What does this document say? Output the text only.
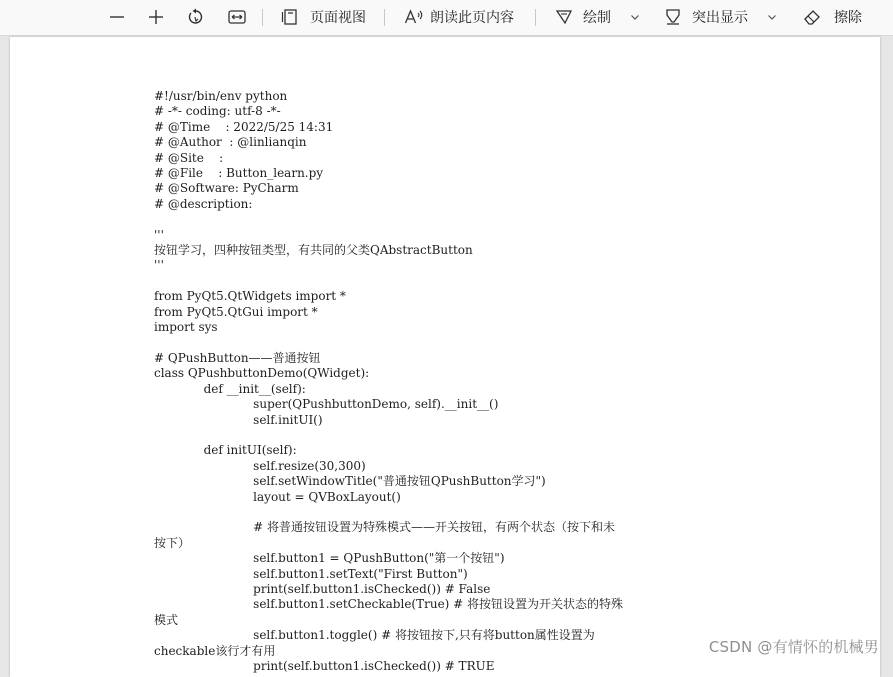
页面视图	朗读此页内容	绘制	突出显示	擦除
#!/usr/bin/env python
# -*- coding: utf-8 -*-
# @Time    : 2022/5/25 14:31
# @Author  : @linlianqin
# @Site    :
# @File    : Button_learn.py
# @Software: PyCharm
# @description:

'''
按钮学习，四种按钮类型，有共同的父类QAbstractButton
'''

from PyQt5.QtWidgets import *
from PyQt5.QtGui import *
import sys

# QPushButton——普通按钮
class QPushbuttonDemo(QWidget):
def __init__(self):
super(QPushbuttonDemo, self).__init__()
self.initUI()

def initUI(self):
self.resize(30,300)
self.setWindowTitle("普通按钮QPushButton学习")
layout = QVBoxLayout()

# 将普通按钮设置为特殊模式——开关按钮，有两个状态（按下和未
按下）
self.button1 = QPushButton("第一个按钮")
self.button1.setText("First Button")
print(self.button1.isChecked()) # False
self.button1.setCheckable(True) # 将按钮设置为开关状态的特殊
模式
self.button1.toggle() # 将按钮按下,只有将button属性设置为
checkable该行才有用
print(self.button1.isChecked()) # TRUE
CSDN @有情怀的机械男
